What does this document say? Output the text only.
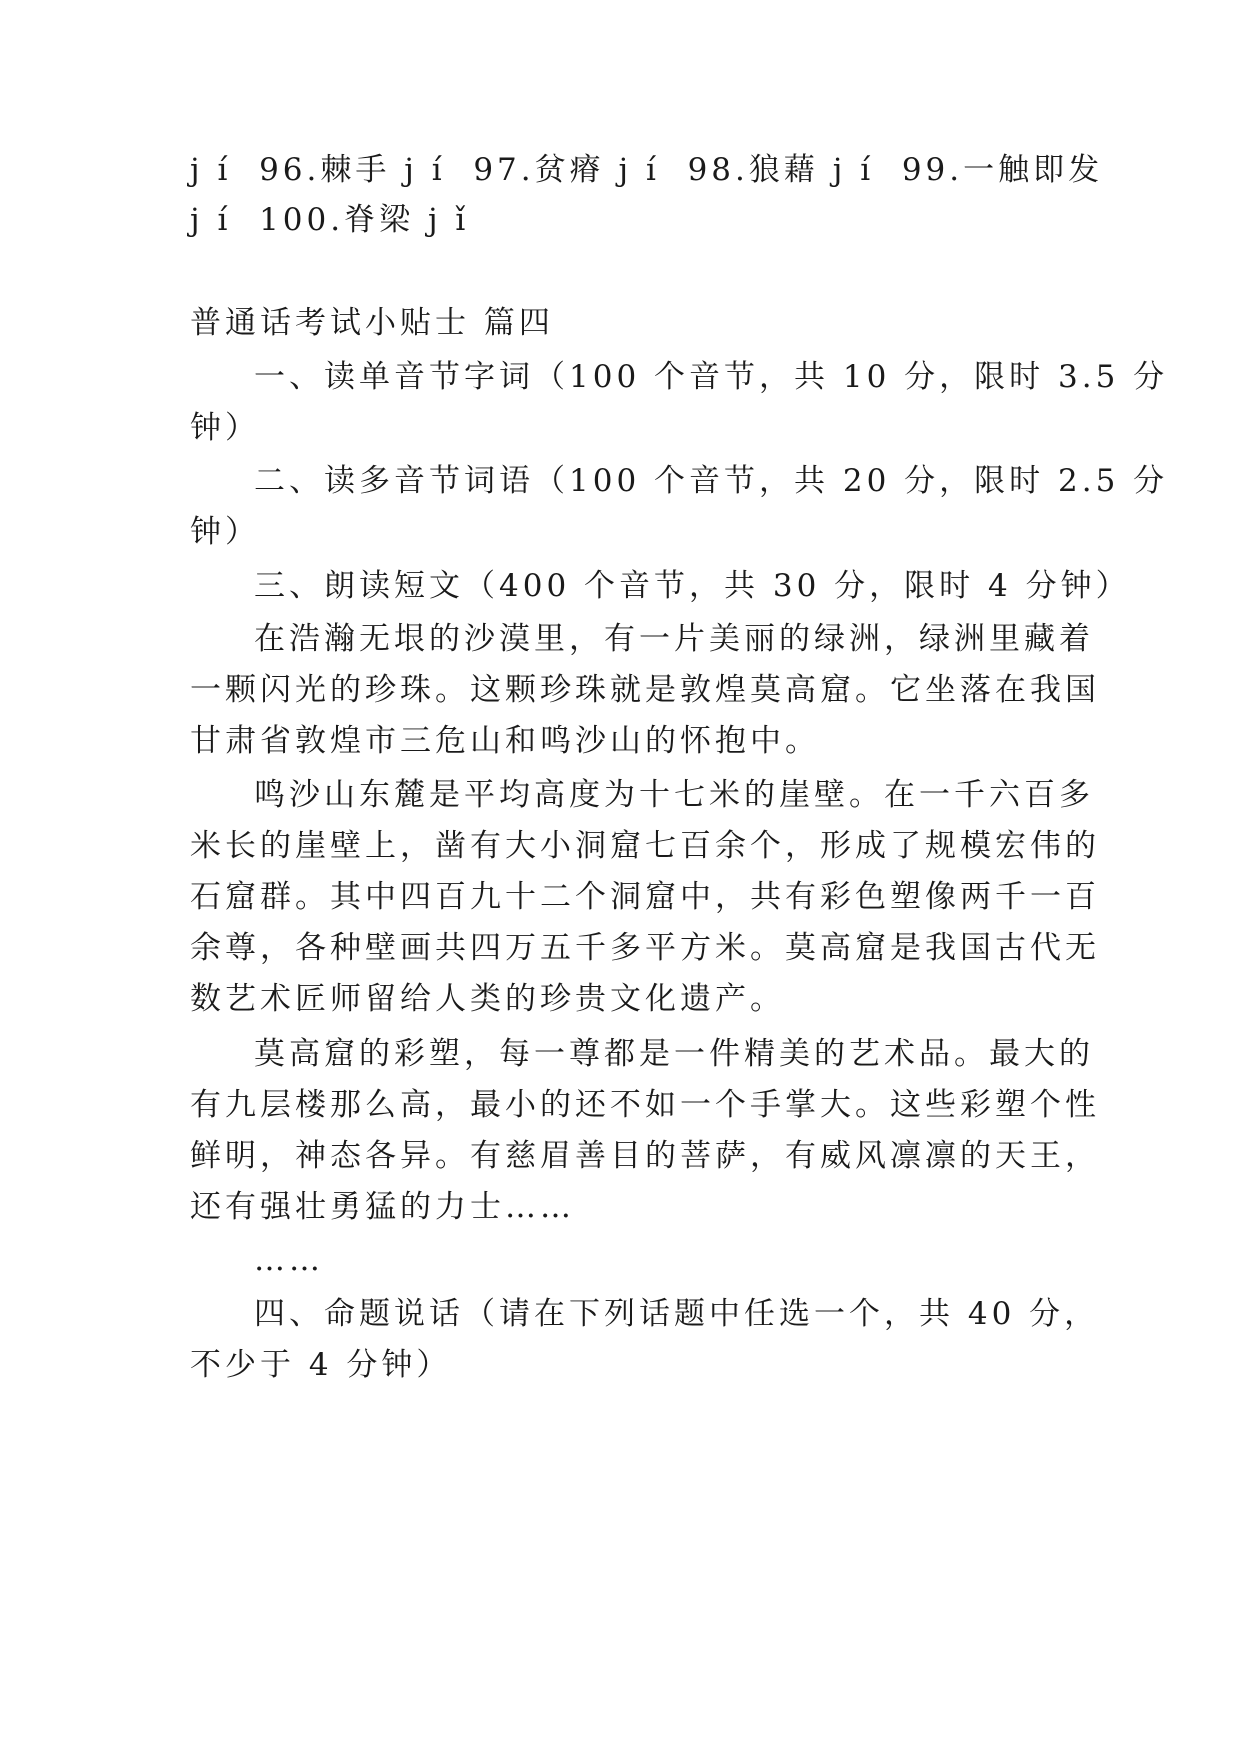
j í  96.棘手 j í  97.贫瘠 j í  98.狼藉 j í  99.一触即发
j í  100.脊梁 j ǐ
普通话考试小贴士 篇四
一、读单音节字词（100 个音节，共 10 分，限时 3.5 分
钟）
二、读多音节词语（100 个音节，共 20 分，限时 2.5 分
钟）
三、朗读短文（400 个音节，共 30 分，限时 4 分钟）
在浩瀚无垠的沙漠里，有一片美丽的绿洲，绿洲里藏着
一颗闪光的珍珠。这颗珍珠就是敦煌莫高窟。它坐落在我国
甘肃省敦煌市三危山和鸣沙山的怀抱中。
鸣沙山东麓是平均高度为十七米的崖壁。在一千六百多
米长的崖壁上，凿有大小洞窟七百余个，形成了规模宏伟的
石窟群。其中四百九十二个洞窟中，共有彩色塑像两千一百
余尊，各种壁画共四万五千多平方米。莫高窟是我国古代无
数艺术匠师留给人类的珍贵文化遗产。
莫高窟的彩塑，每一尊都是一件精美的艺术品。最大的
有九层楼那么高，最小的还不如一个手掌大。这些彩塑个性
鲜明，神态各异。有慈眉善目的菩萨，有威风凛凛的天王，
还有强壮勇猛的力士……
……
四、命题说话（请在下列话题中任选一个，共 40 分，
不少于 4 分钟）
